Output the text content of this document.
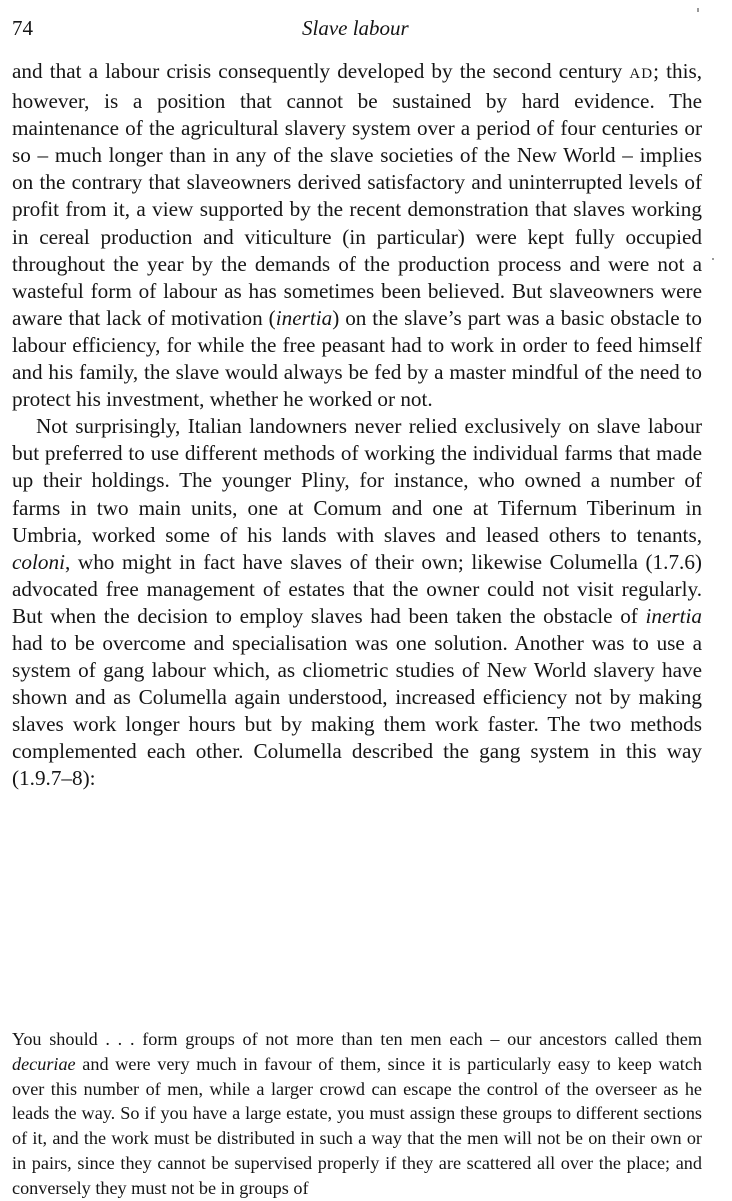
74	Slave labour

and that a labour crisis consequently developed by the second century AD; this, however, is a position that cannot be sustained by hard evidence. The maintenance of the agricultural slavery system over a period of four centuries or so – much longer than in any of the slave societies of the New World – implies on the contrary that slaveowners derived satisfactory and uninterrupted levels of profit from it, a view supported by the recent demonstration that slaves working in cereal production and viticulture (in particular) were kept fully occupied throughout the year by the demands of the production process and were not a wasteful form of labour as has sometimes been believed. But slaveowners were aware that lack of motivation (inertia) on the slave’s part was a basic obstacle to labour efficiency, for while the free peasant had to work in order to feed himself and his family, the slave would always be fed by a master mindful of the need to protect his investment, whether he worked or not.

Not surprisingly, Italian landowners never relied exclusively on slave labour but preferred to use different methods of working the individual farms that made up their holdings. The younger Pliny, for instance, who owned a number of farms in two main units, one at Comum and one at Tifernum Tiberinum in Umbria, worked some of his lands with slaves and leased others to tenants, coloni, who might in fact have slaves of their own; likewise Columella (1.7.6) advocated free management of estates that the owner could not visit regularly. But when the decision to employ slaves had been taken the obstacle of inertia had to be overcome and specialisation was one solution. Another was to use a system of gang labour which, as cliometric studies of New World slavery have shown and as Columella again understood, increased efficiency not by making slaves work longer hours but by making them work faster. The two methods complemented each other. Columella described the gang system in this way (1.9.7–8):

You should . . . form groups of not more than ten men each – our ancestors called them decuriae and were very much in favour of them, since it is particularly easy to keep watch over this number of men, while a larger crowd can escape the control of the overseer as he leads the way. So if you have a large estate, you must assign these groups to different sections of it, and the work must be distributed in such a way that the men will not be on their own or in pairs, since they cannot be supervised properly if they are scattered all over the place; and conversely they must not be in groups of
